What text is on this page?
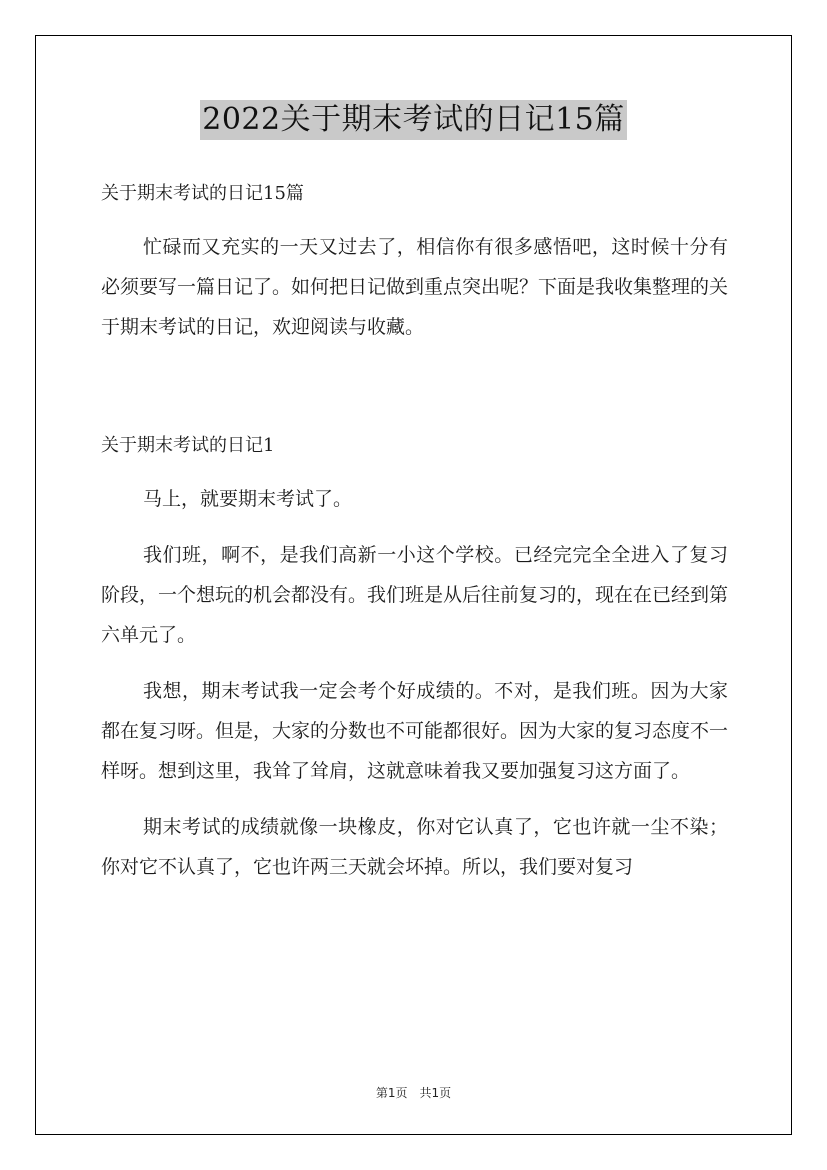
2022关于期末考试的日记15篇

关于期末考试的日记15篇

忙碌而又充实的一天又过去了，相信你有很多感悟吧，这时候十分有必须要写一篇日记了。如何把日记做到重点突出呢？下面是我收集整理的关于期末考试的日记，欢迎阅读与收藏。

关于期末考试的日记1

马上，就要期末考试了。

我们班，啊不，是我们高新一小这个学校。已经完完全全进入了复习阶段，一个想玩的机会都没有。我们班是从后往前复习的，现在在已经到第六单元了。

我想，期末考试我一定会考个好成绩的。不对，是我们班。因为大家都在复习呀。但是，大家的分数也不可能都很好。因为大家的复习态度不一样呀。想到这里，我耸了耸肩，这就意味着我又要加强复习这方面了。

期末考试的成绩就像一块橡皮，你对它认真了，它也许就一尘不染；你对它不认真了，它也许两三天就会坏掉。所以，我们要对复习

第1页　共1页
